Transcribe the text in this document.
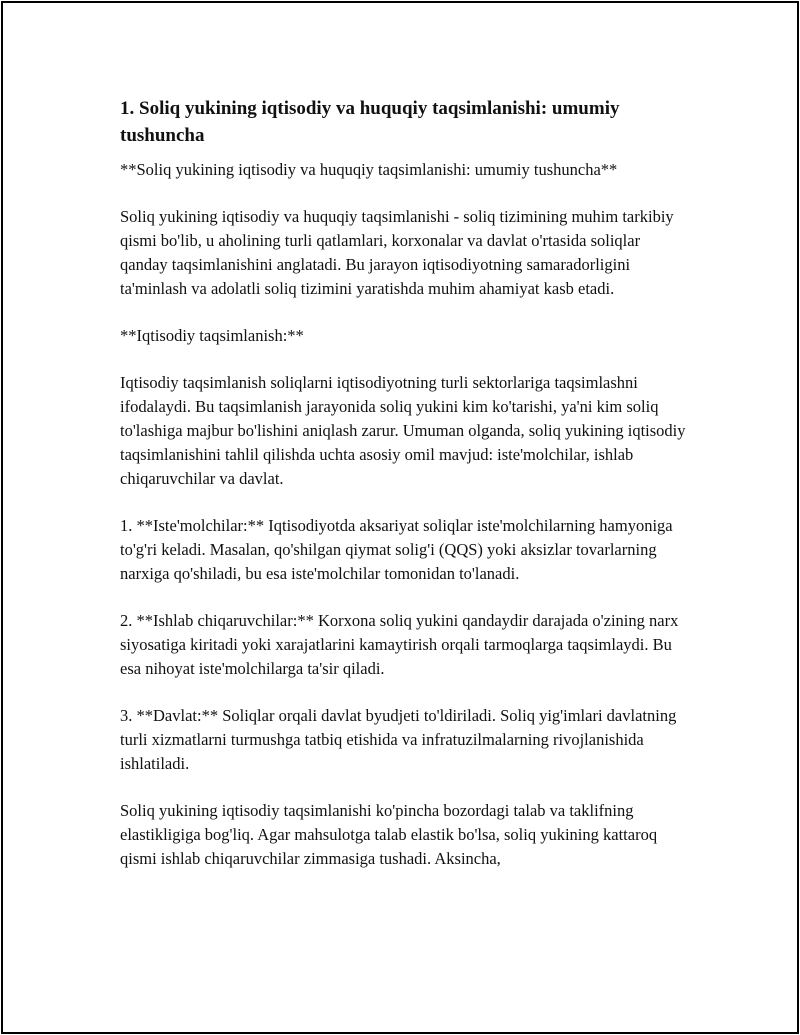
1. Soliq yukining iqtisodiy va huquqiy taqsimlanishi: umumiy tushuncha

**Soliq yukining iqtisodiy va huquqiy taqsimlanishi: umumiy tushuncha**

Soliq yukining iqtisodiy va huquqiy taqsimlanishi - soliq tizimining muhim tarkibiy qismi bo'lib, u aholining turli qatlamlari, korxonalar va davlat o'rtasida soliqlar qanday taqsimlanishini anglatadi. Bu jarayon iqtisodiyotning samaradorligini ta'minlash va adolatli soliq tizimini yaratishda muhim ahamiyat kasb etadi.

**Iqtisodiy taqsimlanish:**

Iqtisodiy taqsimlanish soliqlarni iqtisodiyotning turli sektorlariga taqsimlashni ifodalaydi. Bu taqsimlanish jarayonida soliq yukini kim ko'tarishi, ya'ni kim soliq to'lashiga majbur bo'lishini aniqlash zarur. Umuman olganda, soliq yukining iqtisodiy taqsimlanishini tahlil qilishda uchta asosiy omil mavjud: iste'molchilar, ishlab chiqaruvchilar va davlat.

1. **Iste'molchilar:** Iqtisodiyotda aksariyat soliqlar iste'molchilarning hamyoniga to'g'ri keladi. Masalan, qo'shilgan qiymat solig'i (QQS) yoki aksizlar tovarlarning narxiga qo'shiladi, bu esa iste'molchilar tomonidan to'lanadi.

2. **Ishlab chiqaruvchilar:** Korxona soliq yukini qandaydir darajada o'zining narx siyosatiga kiritadi yoki xarajatlarini kamaytirish orqali tarmoqlarga taqsimlaydi. Bu esa nihoyat iste'molchilarga ta'sir qiladi.

3. **Davlat:** Soliqlar orqali davlat byudjeti to'ldiriladi. Soliq yig'imlari davlatning turli xizmatlarni turmushga tatbiq etishida va infratuzilmalarning rivojlanishida ishlatiladi.

Soliq yukining iqtisodiy taqsimlanishi ko'pincha bozordagi talab va taklifning elastikligiga bog'liq. Agar mahsulotga talab elastik bo'lsa, soliq yukining kattaroq qismi ishlab chiqaruvchilar zimmasiga tushadi. Aksincha,
